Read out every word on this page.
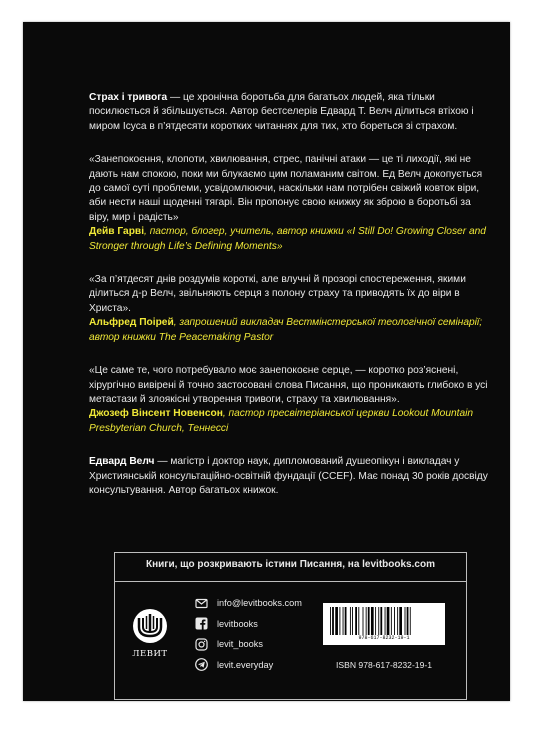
Страх і тривога — це хронічна боротьба для багатьох людей, яка тільки посилюється й збільшується. Автор бестселерів Едвард Т. Велч ділиться втіхою і миром Ісуса в п’ятдесяти коротких читаннях для тих, хто бореться зі страхом.

«Занепокоєння, клопоти, хвилювання, стрес, панічні атаки — це ті лиходії, які не дають нам спокою, поки ми блукаємо цим поламаним світом. Ед Велч докопується до самої суті проблеми, усвідомлюючи, наскільки нам потрібен свіжий ковток віри, аби нести наші щоденні тягарі. Він пропонує свою книжку як зброю в боротьбі за віру, мир і радість»

Дейв Гарві, пастор, блогер, учитель, автор книжки «I Still Do! Growing Closer and Stronger through Life’s Defining Moments»

«За п’ятдесят днів роздумів короткі, але влучні й прозорі спостереження, якими ділиться д-р Велч, звільняють серця з полону страху та приводять їх до віри в Христа».

Альфред Поірей, запрошений викладач Вестмінстерської теологічної семінарії; автор книжки The Peacemaking Pastor

«Це саме те, чого потребувало моє занепокоєне серце, — коротко роз’яснені, хірургічно вивірені й точно застосовані слова Писання, що проникають глибоко в усі метастази й злоякісні утворення тривоги, страху та хвилювання».

Джозеф Вінсент Новенсон, пастор пресвітеріанської церкви Lookout Mountain Presbyterian Church, Теннессі

Едвард Велч — магістр і доктор наук, дипломований душеопікун і викладач у Християнській консультаційно-освітній фундації (CCEF). Має понад 30 років досвіду консультування. Автор багатьох книжок.

Книги, що розкривають істини Писання, на levitbooks.com
ЛЕВИТ
info@levitbooks.com
levitbooks
levit_books
levit.everyday
978-617-8232-19-1
ISBN 978-617-8232-19-1
